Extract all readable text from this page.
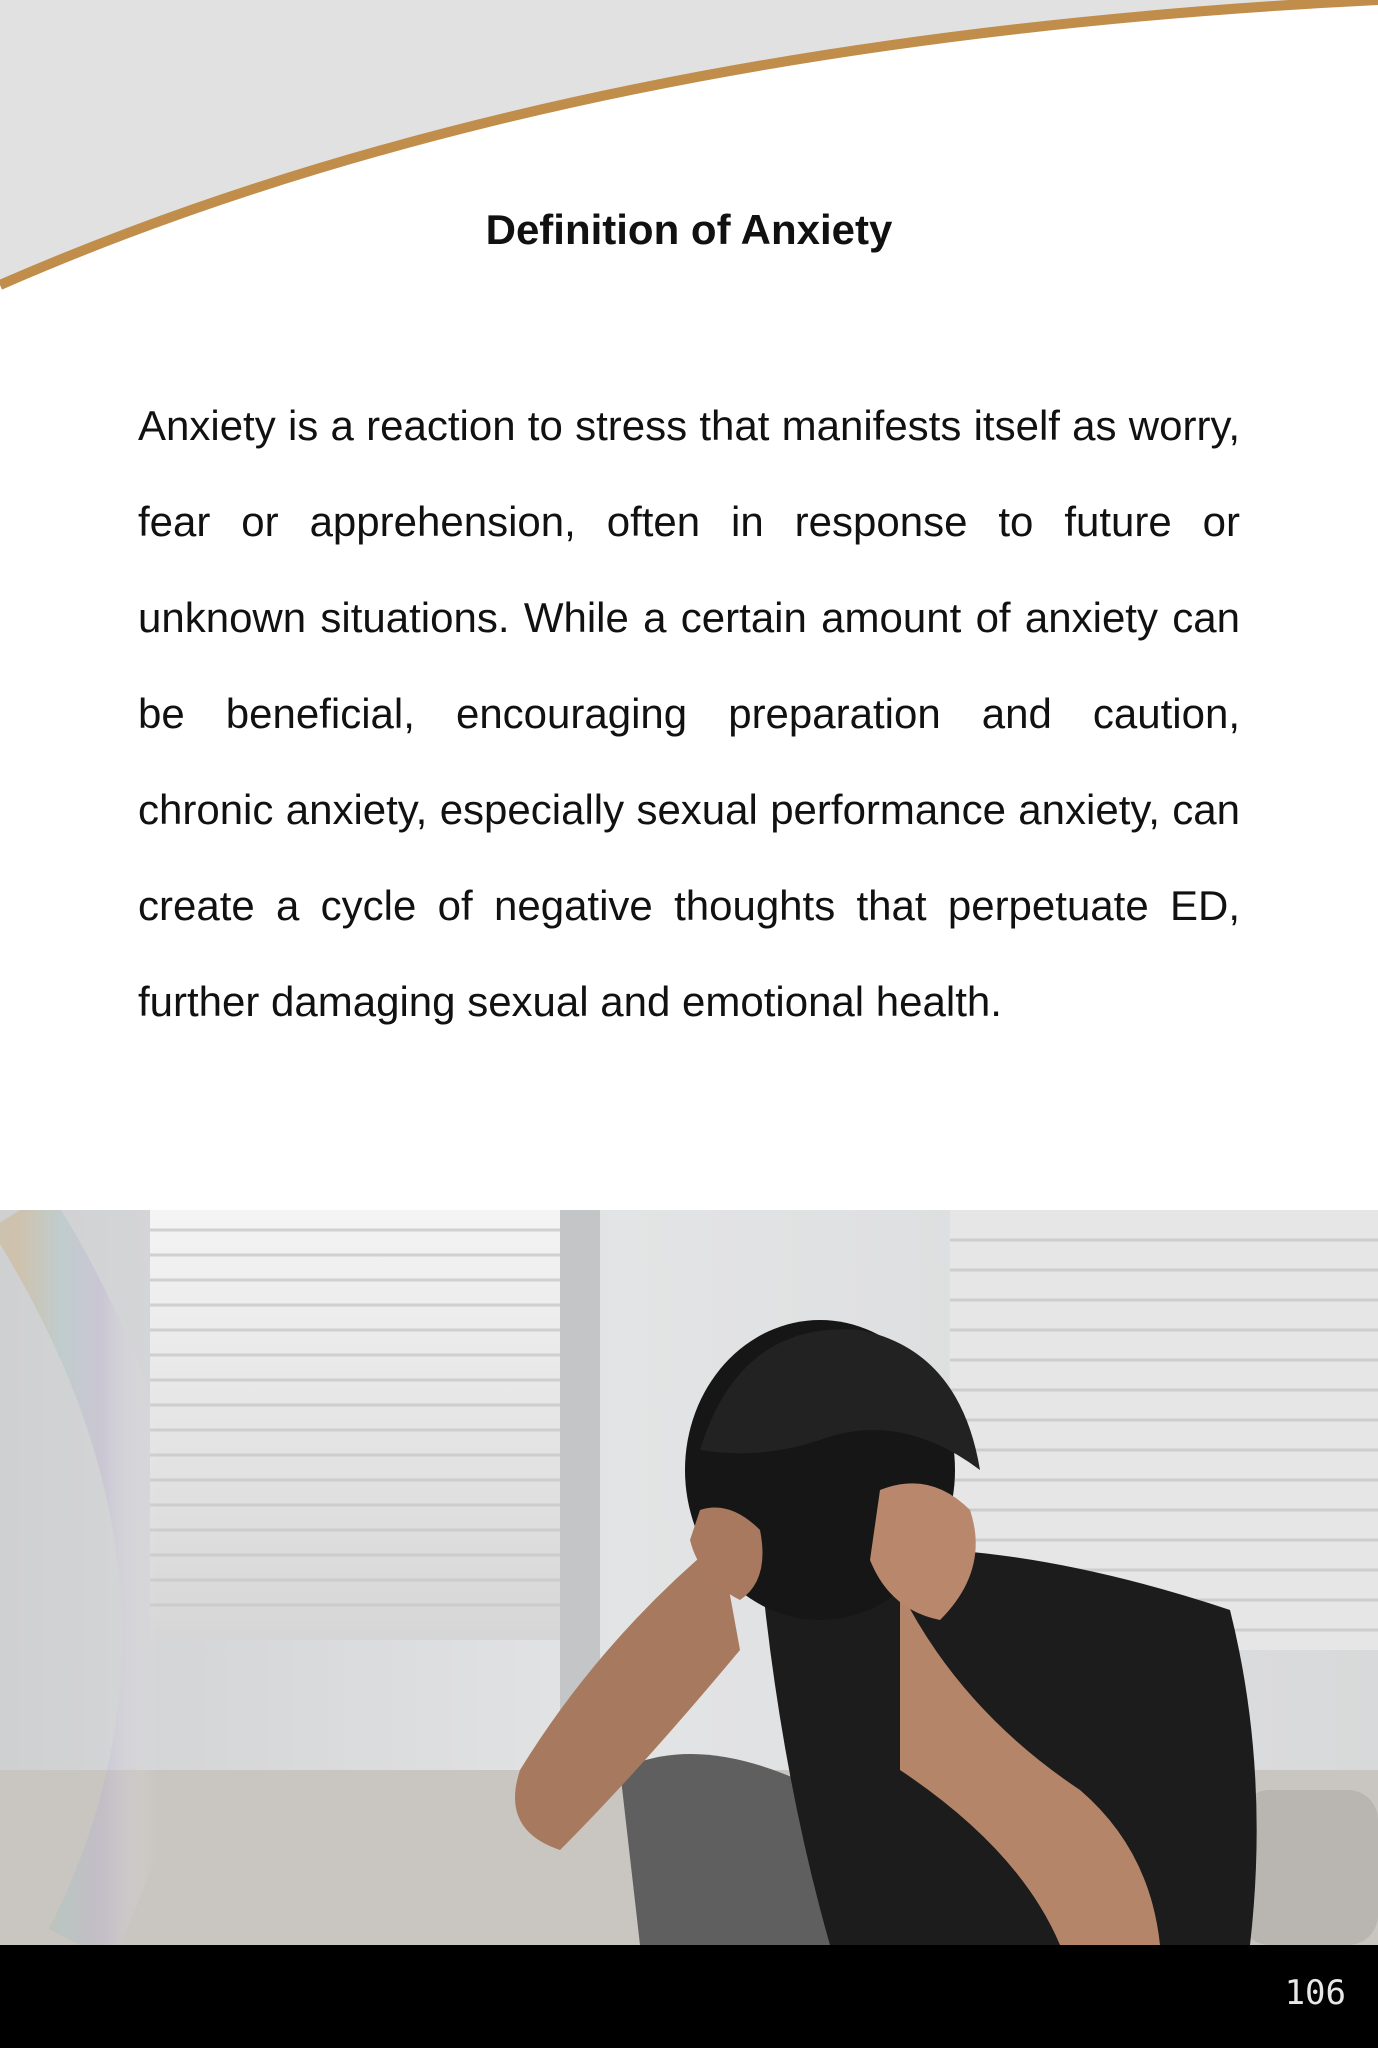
Definition of Anxiety

Anxiety is a reaction to stress that manifests itself as worry, fear or apprehension, often in response to future or unknown situations. While a certain amount of anxiety can be beneficial, encouraging preparation and caution, chronic anxiety, especially sexual performance anxiety, can create a cycle of negative thoughts that perpetuate ED, further damaging sexual and emotional health.

106
